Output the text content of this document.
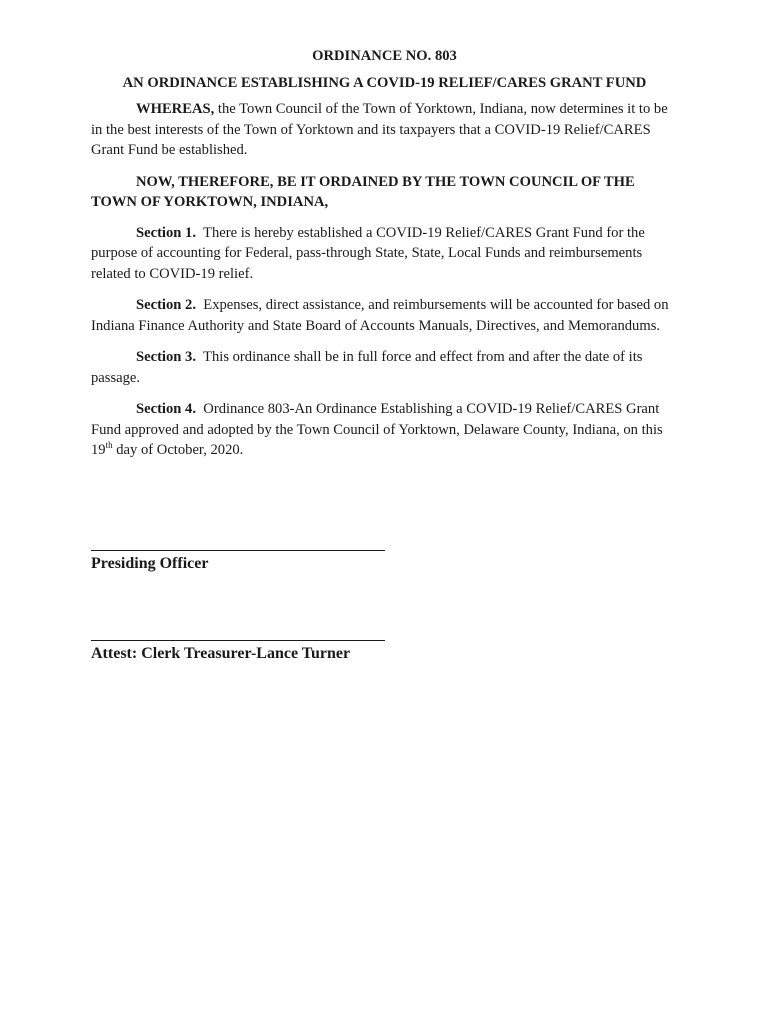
ORDINANCE NO. 803
AN ORDINANCE ESTABLISHING A COVID-19 RELIEF/CARES GRANT FUND

WHEREAS, the Town Council of the Town of Yorktown, Indiana, now determines it to be in the best interests of the Town of Yorktown and its taxpayers that a COVID-19 Relief/CARES Grant Fund be established.

NOW, THEREFORE, BE IT ORDAINED BY THE TOWN COUNCIL OF THE TOWN OF YORKTOWN, INDIANA,

Section 1. There is hereby established a COVID-19 Relief/CARES Grant Fund for the purpose of accounting for Federal, pass-through State, State, Local Funds and reimbursements related to COVID-19 relief.

Section 2. Expenses, direct assistance, and reimbursements will be accounted for based on Indiana Finance Authority and State Board of Accounts Manuals, Directives, and Memorandums.

Section 3. This ordinance shall be in full force and effect from and after the date of its passage.

Section 4. Ordinance 803-An Ordinance Establishing a COVID-19 Relief/CARES Grant Fund approved and adopted by the Town Council of Yorktown, Delaware County, Indiana, on this 19th day of October, 2020.

Presiding Officer
Attest: Clerk Treasurer-Lance Turner
